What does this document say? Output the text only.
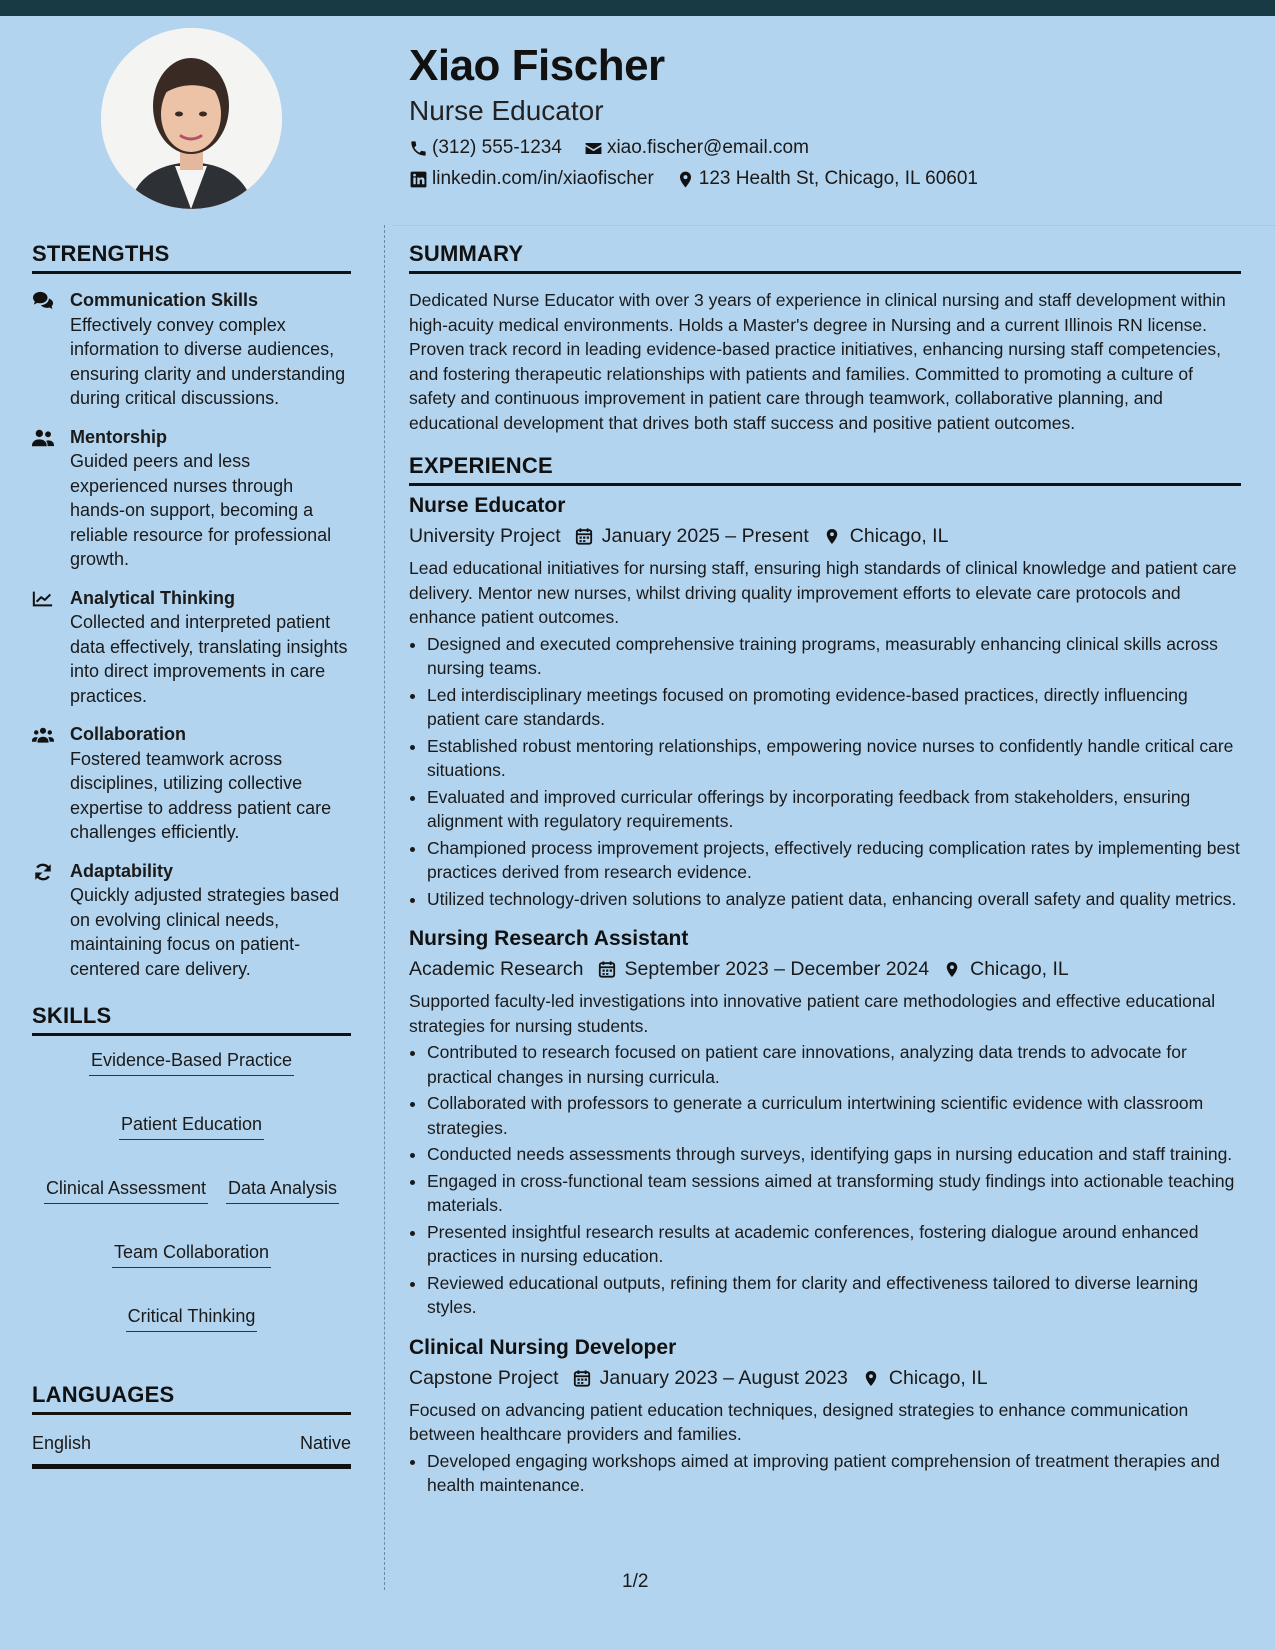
Xiao Fischer
Nurse Educator
(312) 555-1234 xiao.fischer@email.com
linkedin.com/in/xiaofischer 123 Health St, Chicago, IL 60601
STRENGTHS
Communication Skills
Effectively convey complex information to diverse audiences, ensuring clarity and understanding during critical discussions.
Mentorship
Guided peers and less experienced nurses through hands-on support, becoming a reliable resource for professional growth.
Analytical Thinking
Collected and interpreted patient data effectively, translating insights into direct improvements in care practices.
Collaboration
Fostered teamwork across disciplines, utilizing collective expertise to address patient care challenges efficiently.
Adaptability
Quickly adjusted strategies based on evolving clinical needs, maintaining focus on patient-centered care delivery.
SKILLS
Evidence-Based Practice
Patient Education
Clinical Assessment Data Analysis
Team Collaboration
Critical Thinking
LANGUAGES
English	Native
SUMMARY

Dedicated Nurse Educator with over 3 years of experience in clinical nursing and staff development within high-acuity medical environments. Holds a Master's degree in Nursing and a current Illinois RN license. Proven track record in leading evidence-based practice initiatives, enhancing nursing staff competencies, and fostering therapeutic relationships with patients and families. Committed to promoting a culture of safety and continuous improvement in patient care through teamwork, collaborative planning, and educational development that drives both staff success and positive patient outcomes.

EXPERIENCE
Nurse Educator
University Project January 2025 – Present Chicago, IL

Lead educational initiatives for nursing staff, ensuring high standards of clinical knowledge and patient care delivery. Mentor new nurses, whilst driving quality improvement efforts to elevate care protocols and enhance patient outcomes.

• Designed and executed comprehensive training programs, measurably enhancing clinical skills across nursing teams.
• Led interdisciplinary meetings focused on promoting evidence-based practices, directly influencing patient care standards.
• Established robust mentoring relationships, empowering novice nurses to confidently handle critical care situations.
• Evaluated and improved curricular offerings by incorporating feedback from stakeholders, ensuring alignment with regulatory requirements.
• Championed process improvement projects, effectively reducing complication rates by implementing best practices derived from research evidence.
• Utilized technology-driven solutions to analyze patient data, enhancing overall safety and quality metrics.
Nursing Research Assistant
Academic Research September 2023 – December 2024 Chicago, IL

Supported faculty-led investigations into innovative patient care methodologies and effective educational strategies for nursing students.

• Contributed to research focused on patient care innovations, analyzing data trends to advocate for practical changes in nursing curricula.
• Collaborated with professors to generate a curriculum intertwining scientific evidence with classroom strategies.
• Conducted needs assessments through surveys, identifying gaps in nursing education and staff training.
• Engaged in cross-functional team sessions aimed at transforming study findings into actionable teaching materials.
• Presented insightful research results at academic conferences, fostering dialogue around enhanced practices in nursing education.
• Reviewed educational outputs, refining them for clarity and effectiveness tailored to diverse learning styles.
Clinical Nursing Developer
Capstone Project January 2023 – August 2023 Chicago, IL

Focused on advancing patient education techniques, designed strategies to enhance communication between healthcare providers and families.

• Developed engaging workshops aimed at improving patient comprehension of treatment therapies and health maintenance.
1/2
